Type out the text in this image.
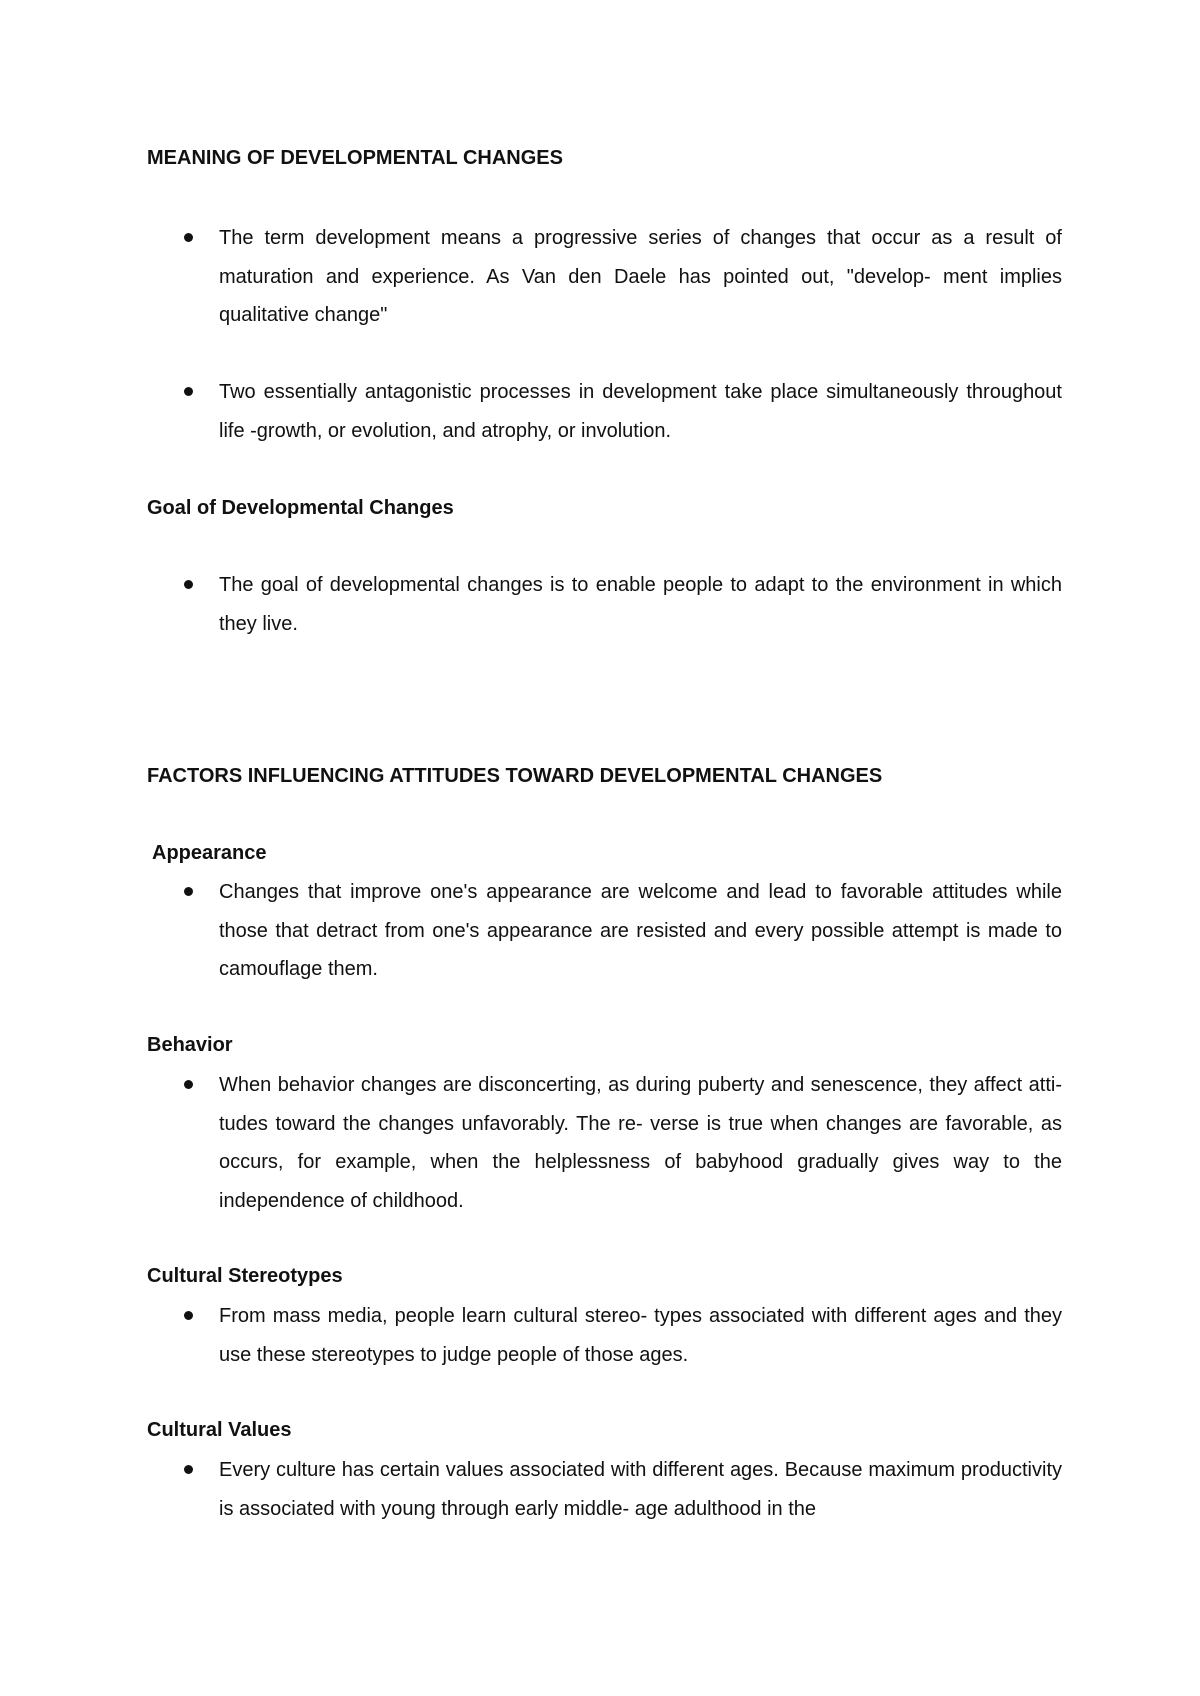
MEANING OF DEVELOPMENTAL CHANGES
The term development means a progressive series of changes that occur as a result of maturation and experience. As Van den Daele has pointed out, "develop- ment implies qualitative change"
Two essentially antagonistic processes in development take place simultaneously throughout life -growth, or evolution, and atrophy, or involution.
Goal of Developmental Changes
The goal of developmental changes is to enable people to adapt to the environment in which they live.
FACTORS INFLUENCING ATTITUDES TOWARD DEVELOPMENTAL CHANGES
Appearance
Changes that improve one's appearance are welcome and lead to favorable attitudes while those that detract from one's appearance are resisted and every possible attempt is made to camouflage them.
Behavior
When behavior changes are disconcerting, as during puberty and senescence, they affect atti- tudes toward the changes unfavorably. The re- verse is true when changes are favorable, as occurs, for example, when the helplessness of babyhood gradually gives way to the independence of childhood.
Cultural Stereotypes
From mass media, people learn cultural stereo- types associated with different ages and they use these stereotypes to judge people of those ages.
Cultural Values
Every culture has certain values associated with different ages. Because maximum productivity is associated with young through early middle- age adulthood in the
